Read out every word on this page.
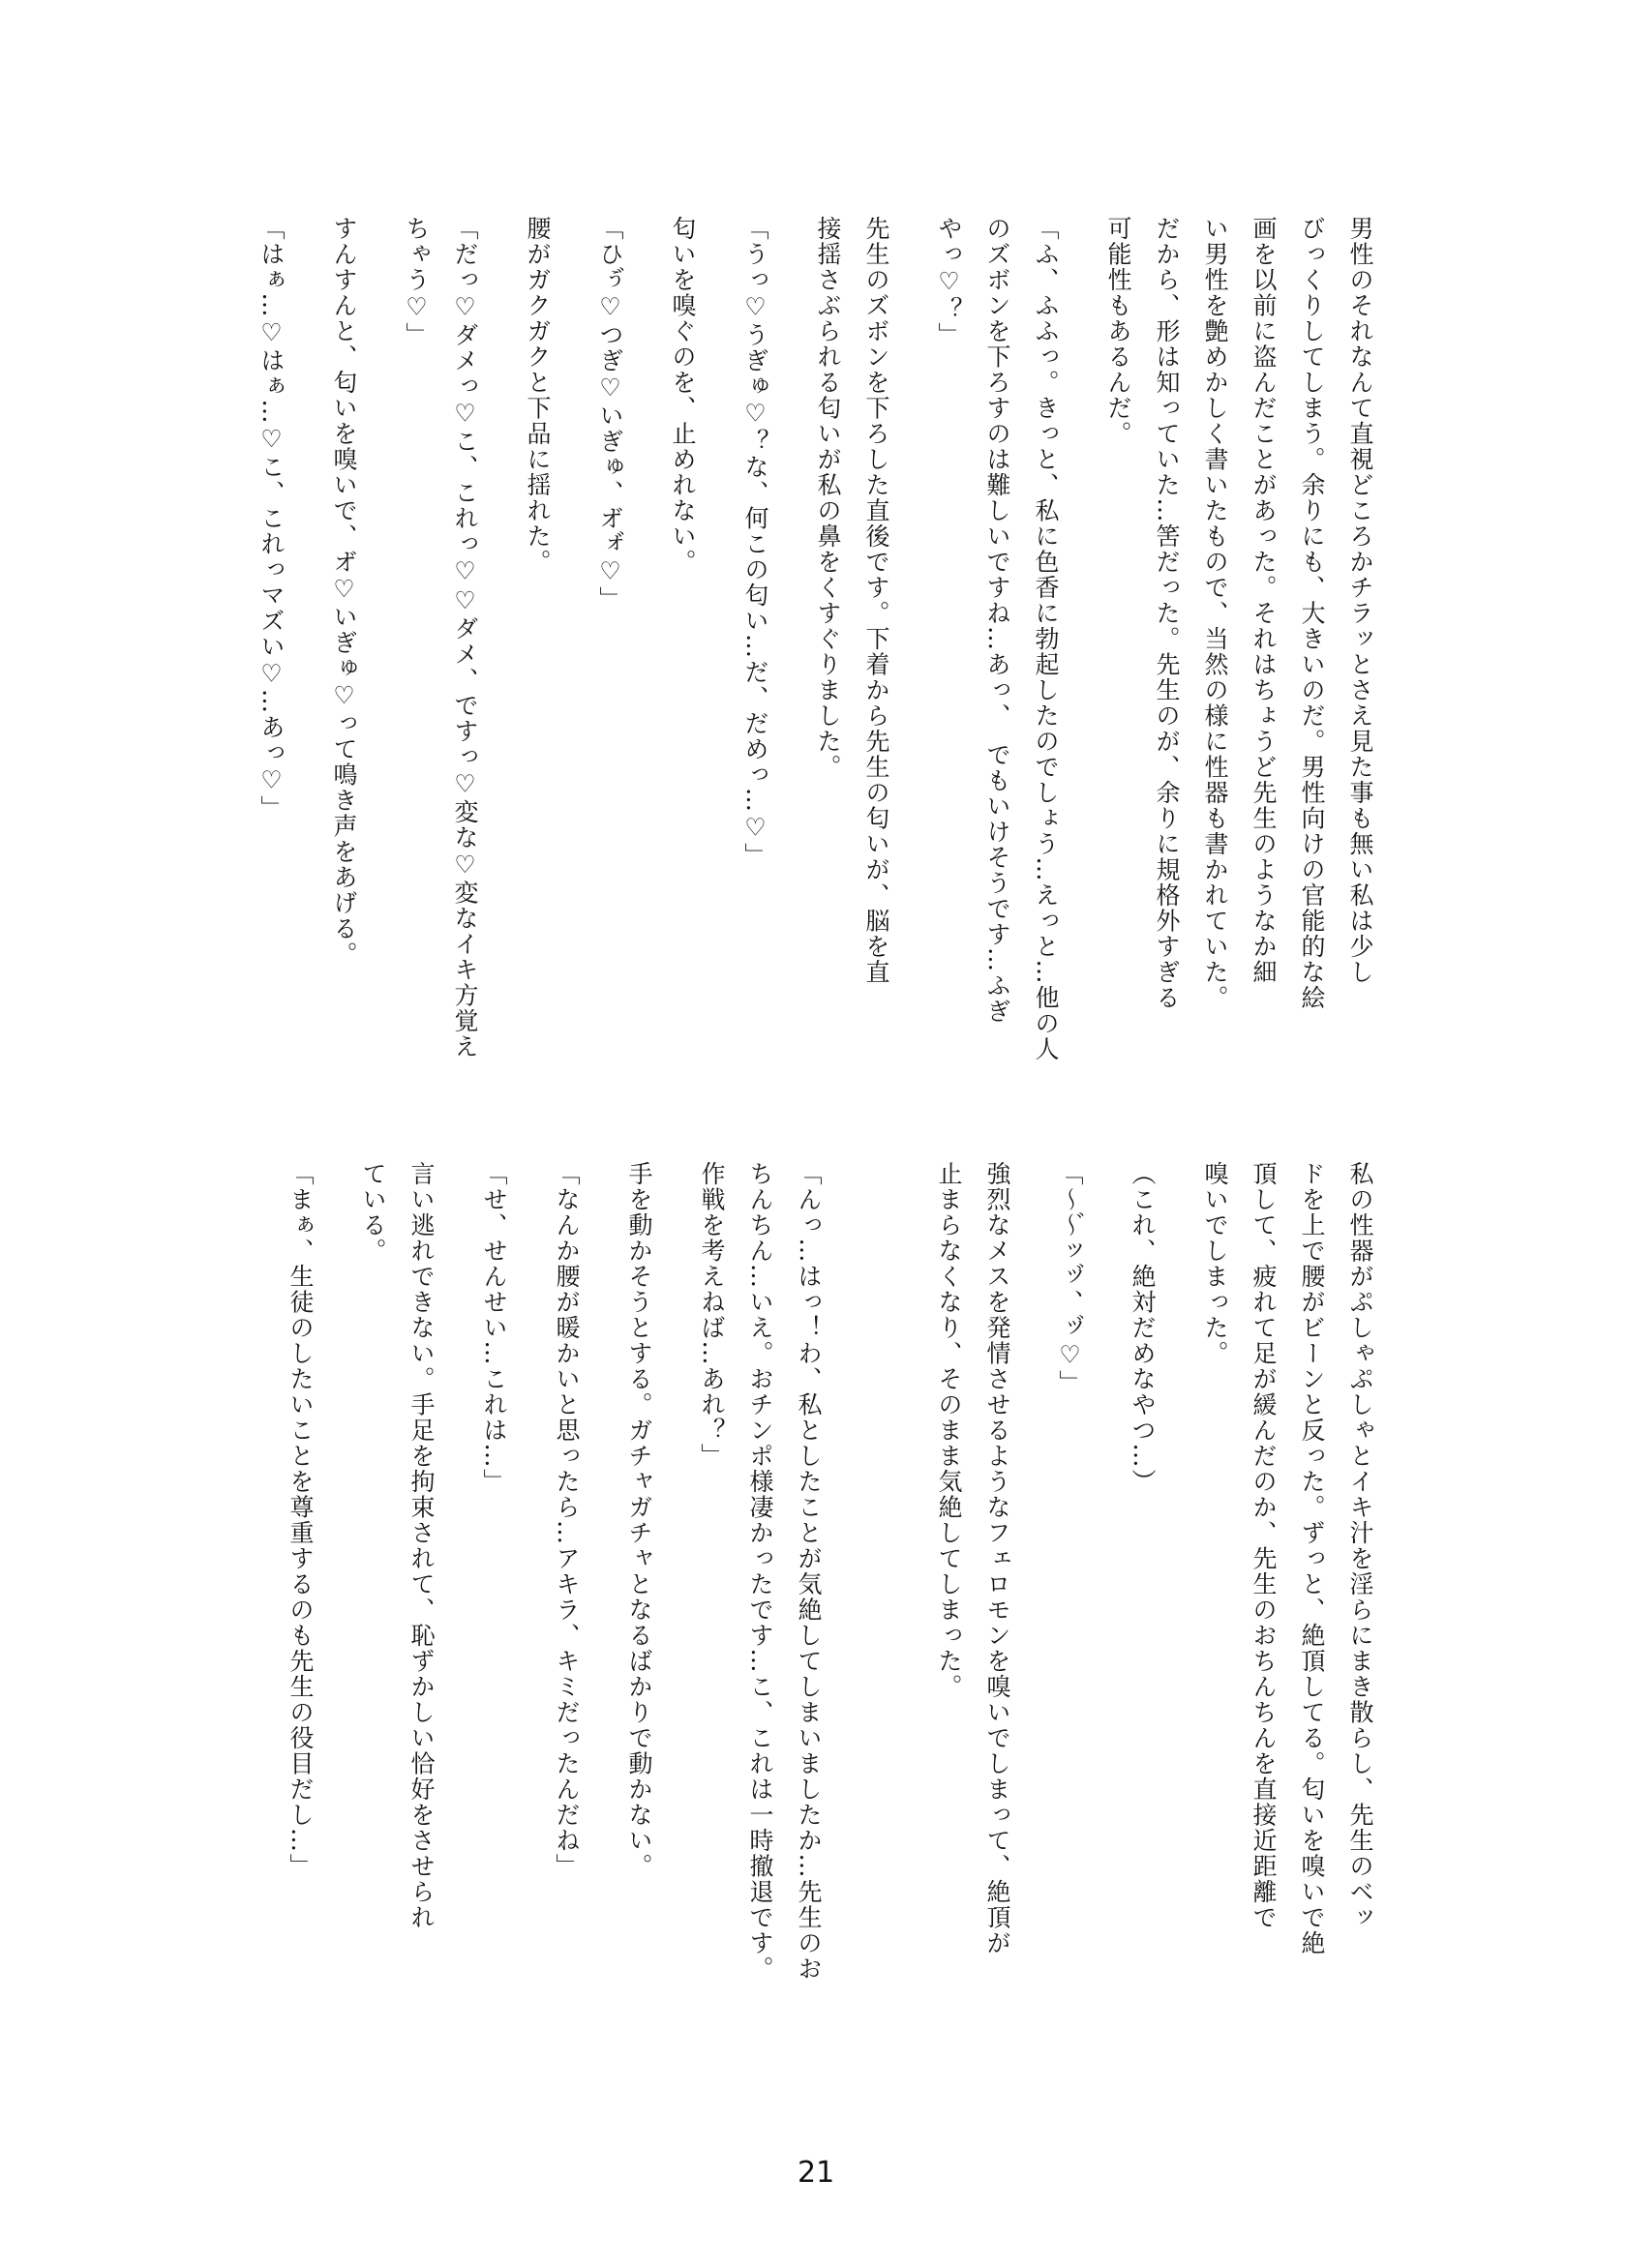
男性のそれなんて直視どころかチラッとさえ見た事も無い私は少し

びっくりしてしまう。余りにも、大きいのだ。男性向けの官能的な絵

画を以前に盗んだことがあった。それはちょうど先生のようなか細

い男性を艶めかしく書いたもので、当然の様に性器も書かれていた。

だから、形は知っていた…筈だった。先生のが、余りに規格外すぎる

可能性もあるんだ。

「ふ、ふふっ。きっと、私に色香に勃起したのでしょう…えっと…他の人

のズボンを下ろすのは難しいですね…あっ、　でもいけそうです…ふぎ

やっ♡？」

先生のズボンを下ろした直後です。下着から先生の匂いが、脳を直

接揺さぶられる匂いが私の鼻をくすぐりました。

「うっ♡うぎゅ♡？な、何この匂い…だ、だめっ…♡」

匂いを嗅ぐのを、止めれない。

「ひぅ゙♡つぎ♡いぎゅ、オ゙ォ゙♡」

腰がガクガクと下品に揺れた。

「だっ♡ダメっ♡こ、これっ♡♡ダメ、ですっ♡変な♡変なイキ方覚え

ちゃう♡」

すんすんと、匂いを嗅いで、オ゙♡いぎゅ♡って鳴き声をあげる。

「はぁ…♡はぁ…♡こ、これっマズい♡…あっ♡」

私の性器がぷしゃぷしゃとイキ汁を淫らにまき散らし、先生のベッ

ドを上で腰がビーンと反った。ずっと、絶頂してる。匂いを嗅いで絶

頂して、疲れて足が緩んだのか、先生のおちんちんを直接近距離で

嗅いでしまった。

（これ、絶対だめなやつ…）

「〜〜゙ッッ゙、ッ゙♡」

強烈なメスを発情させるようなフェロモンを嗅いでしまって、絶頂が

止まらなくなり、そのまま気絶してしまった。

「んっ…はっ！わ、私としたことが気絶してしまいましたか…先生のお

ちんちん…いえ。おチンポ様凄かったです…こ、これは一時撤退です。

作戦を考えねば…あれ？」

手を動かそうとする。ガチャガチャとなるばかりで動かない。

「なんか腰が暖かいと思ったら…アキラ、キミだったんだね」

「せ、せんせい…これは…」

言い逃れできない。手足を拘束されて、恥ずかしい恰好をさせられ

ている。

「まぁ、生徒のしたいことを尊重するのも先生の役目だし…」

21
